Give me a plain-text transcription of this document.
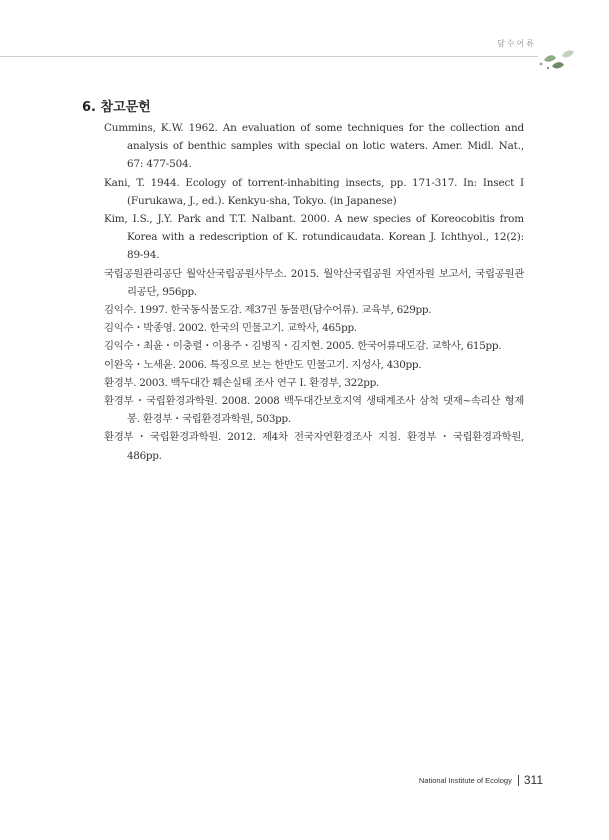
담수어류
6. 참고문헌
Cummins, K.W. 1962. An evaluation of some techniques for the collection and analysis of benthic samples with special on lotic waters. Amer. Midl. Nat., 67: 477-504.
Kani, T. 1944. Ecology of torrent-inhabiting insects, pp. 171-317. In: Insect I (Furukawa, J., ed.). Kenkyu-sha, Tokyo. (in Japanese)
Kim, I.S., J.Y. Park and T.T. Nalbant. 2000. A new species of Koreocobitis from Korea with a redescription of K. rotundicaudata. Korean J. Ichthyol., 12(2): 89-94.
국립공원관리공단 월악산국립공원사무소. 2015. 월악산국립공원 자연자원 보고서, 국립공원관리공단, 956pp.
김익수. 1997. 한국동식물도감. 제37권 동물편(담수어류). 교육부, 629pp.
김익수・박종영. 2002. 한국의 민물고기. 교학사, 465pp.
김익수・최윤・이충렬・이용주・김병직・김지현. 2005. 한국어류대도감. 교학사, 615pp.
이완옥・노세윤. 2006. 특징으로 보는 한반도 민물고기. 지성사, 430pp.
환경부. 2003. 백두대간 훼손실태 조사 연구 I. 환경부, 322pp.
환경부・국립환경과학원. 2008. 2008 백두대간보호지역 생태계조사 삼척 댓재~속리산 형제봉. 환경부・국립환경과학원, 503pp.
환경부・국립환경과학원. 2012. 제4차 전국자연환경조사 지침. 환경부・국립환경과학원, 486pp.
National Institute of Ecology 311
